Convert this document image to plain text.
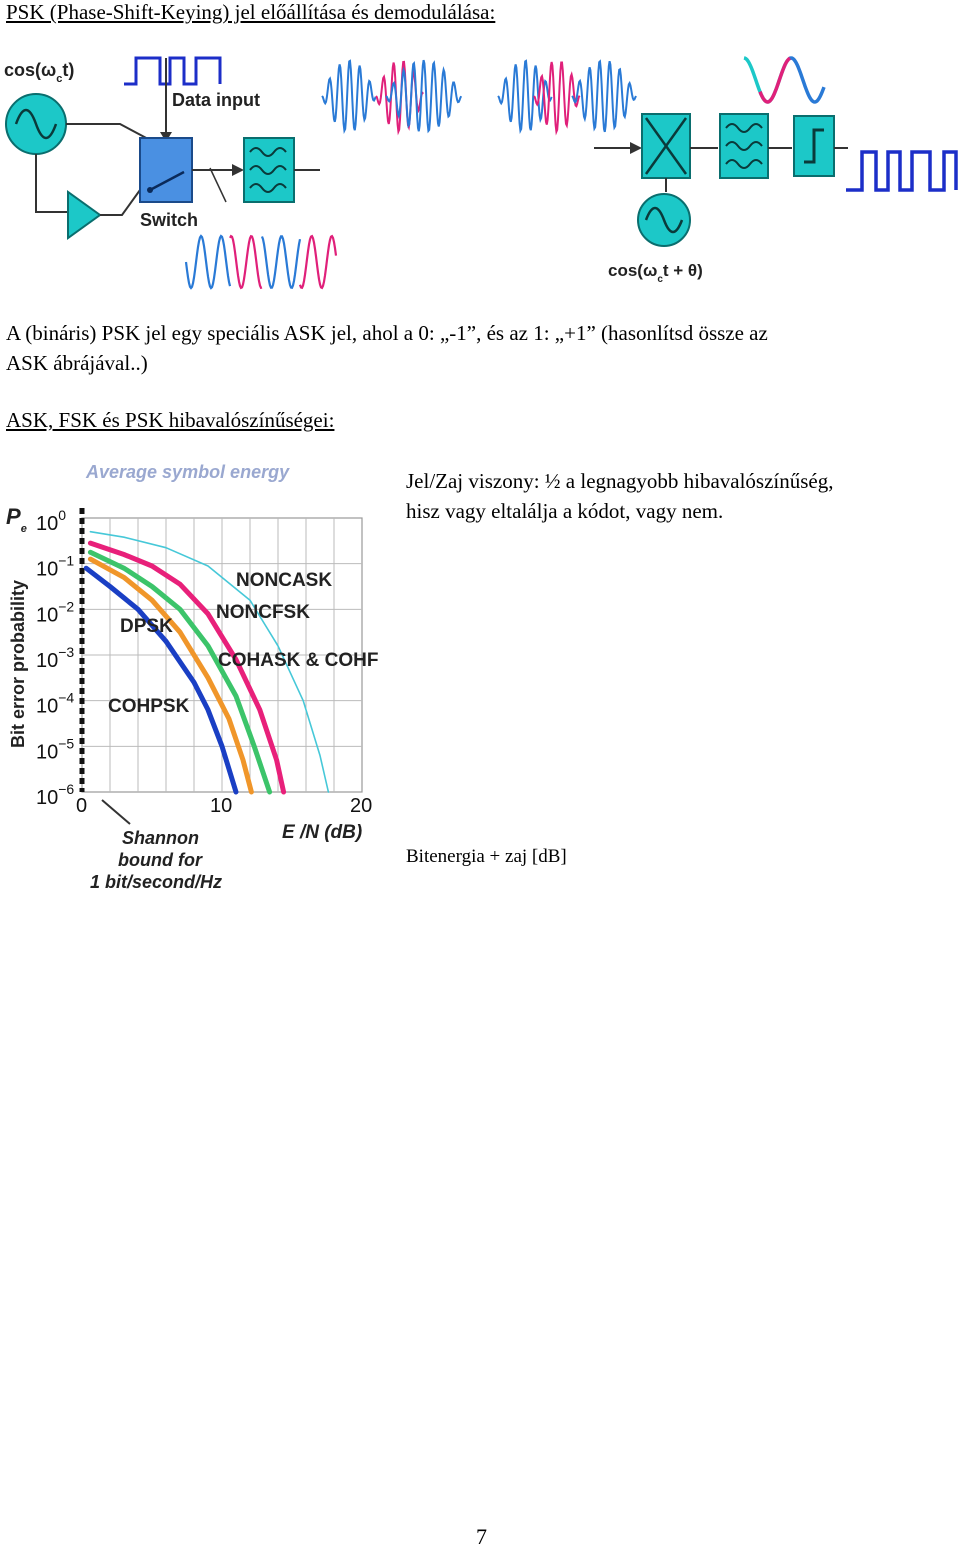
PSK (Phase-Shift-Keying) jel előállítása és demodulálása:
$\cos(\omega_ct)$
Data input
Switch
$\cos(\omega_ct + \theta)$
A (bináris) PSK jel egy speciális ASK jel, ahol a 0: „-1”, és az 1: „+1” (hasonlítsd össze az
ASK ábrájával..)
ASK, FSK és PSK hibavalószínűségei:
Average symbol energy
$10^0$
$10^{-1}$
$10^{-2}$
$10^{-3}$
$10^{-4}$
$10^{-5}$
$10^{-6}$
0	10	20
$P_e$
Bit error probability
E /N (dB)
Shannon bound for 1 bit/second/Hz
COHPSK
DPSK
COHASK & COHF
NONCFSK
NONCASK
Jel/Zaj viszony: ½ a legnagyobb hibavalószínűség,
hisz vagy eltalálja a kódot, vagy nem.
Bitenergia + zaj [dB]
7
